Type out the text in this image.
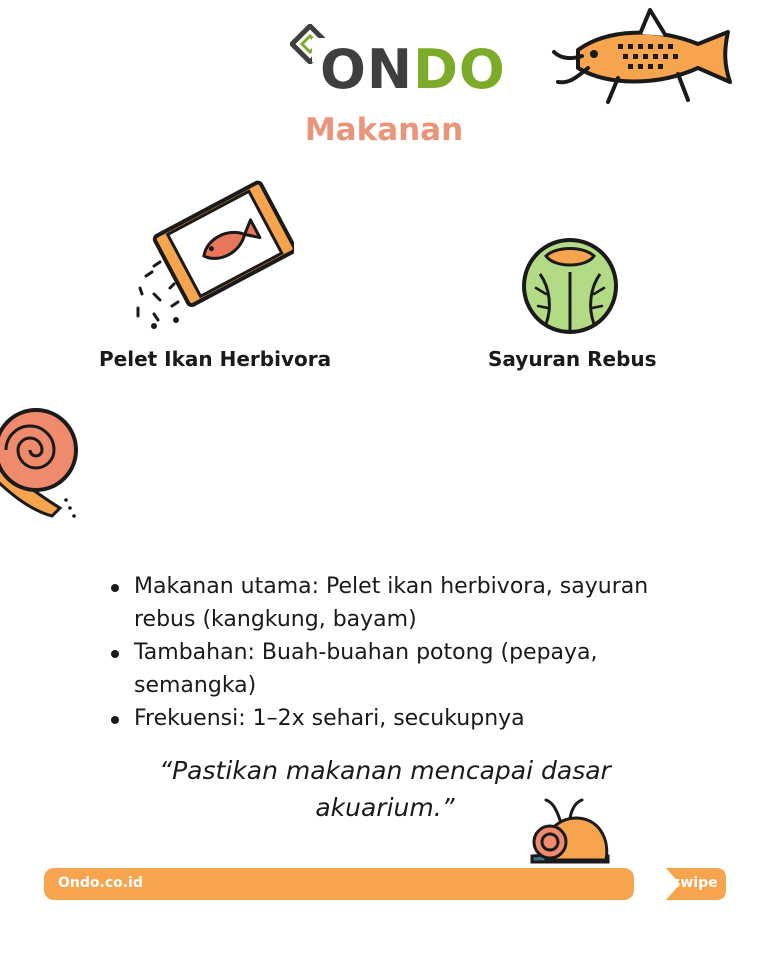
ONDO
Makanan
Pelet Ikan Herbivora	Sayuran Rebus
Makanan utama: Pelet ikan herbivora, sayuran rebus (kangkung, bayam)
Tambahan: Buah-buahan potong (pepaya, semangka)
Frekuensi: 1–2x sehari, secukupnya
“Pastikan makanan mencapai dasar akuarium.”
Ondo.co.id	swipe
